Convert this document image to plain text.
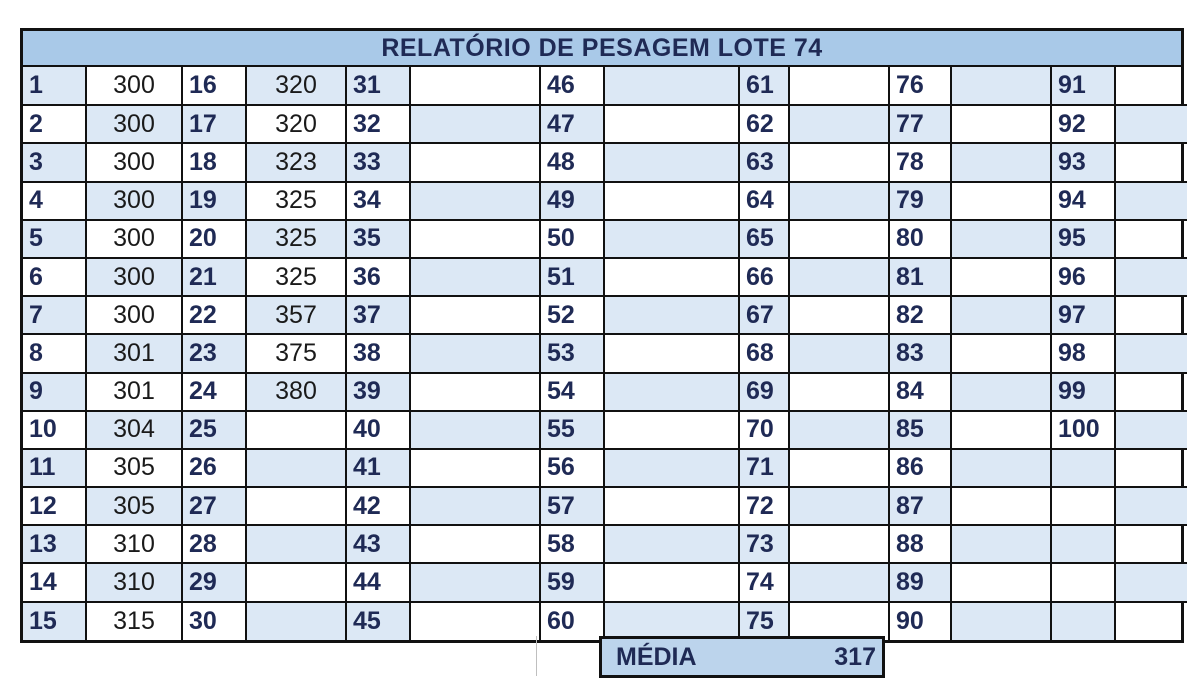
RELATÓRIO DE PESAGEM LOTE 74
1	300	16	320	31		46		61		76		91	
2	300	17	320	32		47		62		77		92	
3	300	18	323	33		48		63		78		93	
4	300	19	325	34		49		64		79		94	
5	300	20	325	35		50		65		80		95	
6	300	21	325	36		51		66		81		96	
7	300	22	357	37		52		67		82		97	
8	301	23	375	38		53		68		83		98	
9	301	24	380	39		54		69		84		99	
10	304	25		40		55		70		85		100	
11	305	26		41		56		71		86			
12	305	27		42		57		72		87			
13	310	28		43		58		73		88			
14	310	29		44		59		74		89			
15	315	30		45		60		75		90			
MÉDIA	317
